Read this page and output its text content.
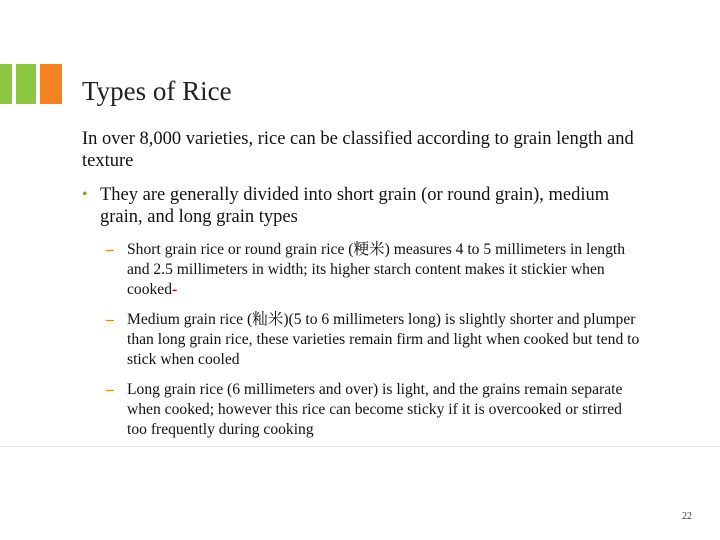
Types of Rice

In over 8,000 varieties, rice can be classified according to grain length and texture

• They are generally divided into short grain (or round grain), medium grain, and long grain types
– Short grain rice or round grain rice (粳米) measures 4 to 5 millimeters in length and 2.5 millimeters in width; its higher starch content makes it stickier when cooked-
– Medium grain rice (籼米)(5 to 6 millimeters long) is slightly shorter and plumper than long grain rice, these varieties remain firm and light when cooked but tend to stick when cooled
– Long grain rice (6 millimeters and over) is light, and the grains remain separate when cooked; however this rice can become sticky if it is overcooked or stirred too frequently during cooking
22
